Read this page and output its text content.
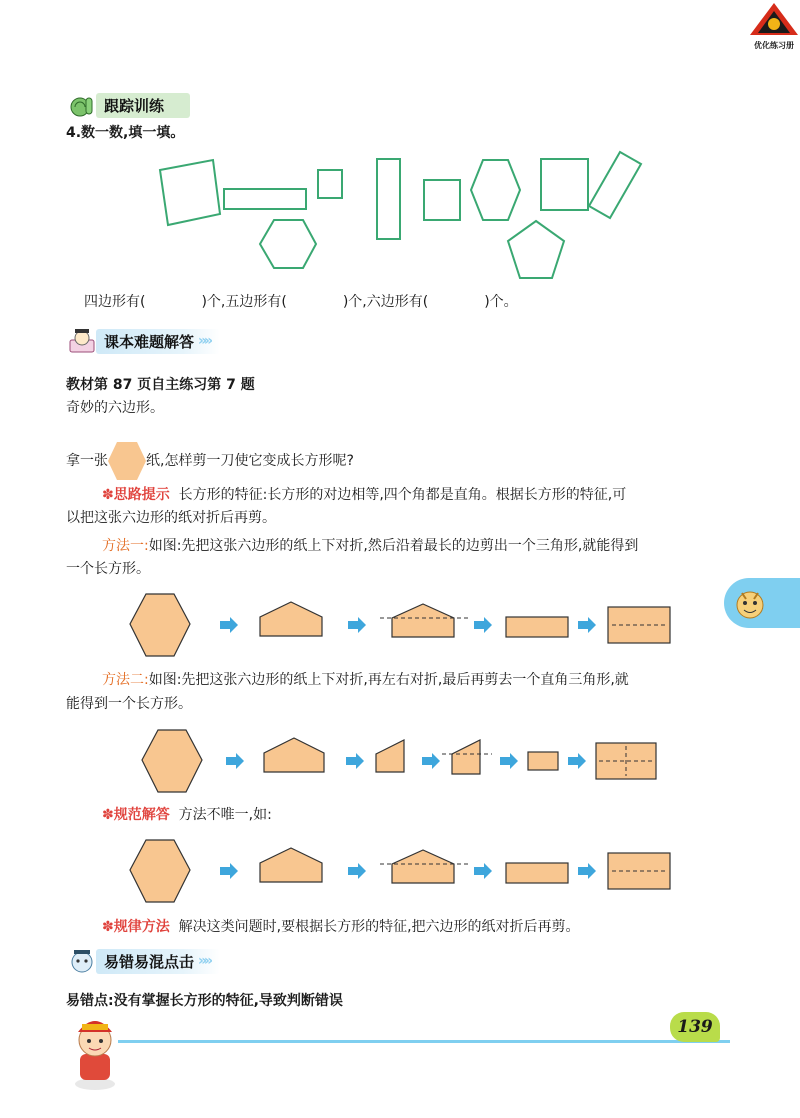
优化练习册
跟踪训练
4.数一数,填一填。
四边形有(　　　　)个,五边形有(　　　　)个,六边形有(　　　　)个。
课本难题解答 »»
教材第 87 页自主练习第 7 题
奇妙的六边形。
拿一张	纸,怎样剪一刀使它变成长方形呢?
✽思路提示 长方形的特征:长方形的对边相等,四个角都是直角。根据长方形的特征,可
以把这张六边形的纸对折后再剪。
方法一:如图:先把这张六边形的纸上下对折,然后沿着最长的边剪出一个三角形,就能得到
一个长方形。
方法二:如图:先把这张六边形的纸上下对折,再左右对折,最后再剪去一个直角三角形,就
能得到一个长方形。
✽规范解答 方法不唯一,如:
✽规律方法 解决这类问题时,要根据长方形的特征,把六边形的纸对折后再剪。
易错易混点击 »»
易错点:没有掌握长方形的特征,导致判断错误
139
